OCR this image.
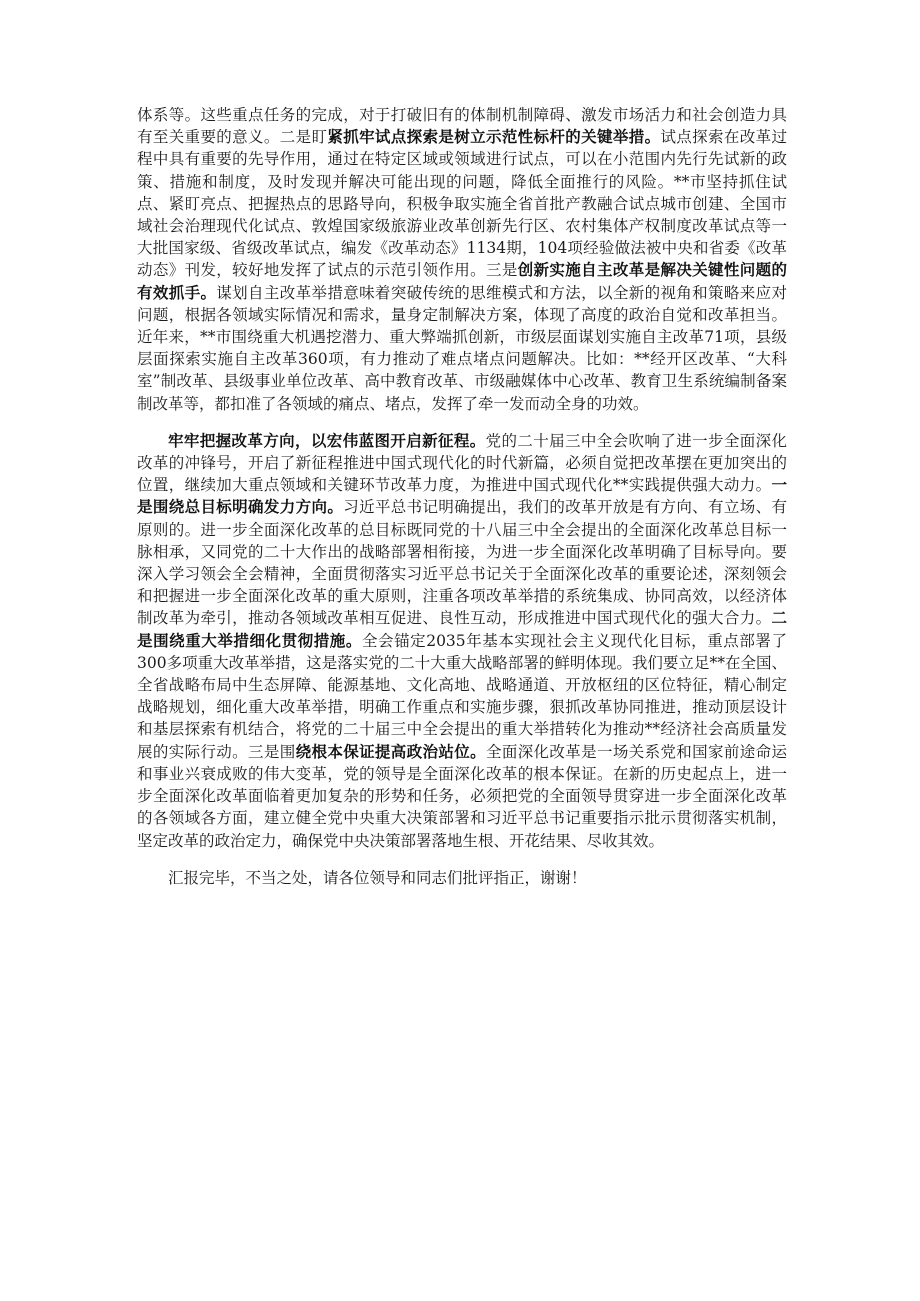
体系等。这些重点任务的完成，对于打破旧有的体制机制障碍、激发市场活力和社会创造力具有至关重要的意义。二是盯紧抓牢试点探索是树立示范性标杆的关键举措。试点探索在改革过程中具有重要的先导作用，通过在特定区域或领域进行试点，可以在小范围内先行先试新的政策、措施和制度，及时发现并解决可能出现的问题，降低全面推行的风险。**市坚持抓住试点、紧盯亮点、把握热点的思路导向，积极争取实施全省首批产教融合试点城市创建、全国市域社会治理现代化试点、敦煌国家级旅游业改革创新先行区、农村集体产权制度改革试点等一大批国家级、省级改革试点，编发《改革动态》1134期，104项经验做法被中央和省委《改革动态》刊发，较好地发挥了试点的示范引领作用。三是创新实施自主改革是解决关键性问题的有效抓手。谋划自主改革举措意味着突破传统的思维模式和方法，以全新的视角和策略来应对问题，根据各领域实际情况和需求，量身定制解决方案，体现了高度的政治自觉和改革担当。近年来，**市围绕重大机遇挖潜力、重大弊端抓创新，市级层面谋划实施自主改革71项，县级层面探索实施自主改革360项，有力推动了难点堵点问题解决。比如：**经开区改革、“大科室”制改革、县级事业单位改革、高中教育改革、市级融媒体中心改革、教育卫生系统编制备案制改革等，都扣准了各领域的痛点、堵点，发挥了牵一发而动全身的功效。

牢牢把握改革方向，以宏伟蓝图开启新征程。党的二十届三中全会吹响了进一步全面深化改革的冲锋号，开启了新征程推进中国式现代化的时代新篇，必须自觉把改革摆在更加突出的位置，继续加大重点领域和关键环节改革力度，为推进中国式现代化**实践提供强大动力。一是围绕总目标明确发力方向。习近平总书记明确提出，我们的改革开放是有方向、有立场、有原则的。进一步全面深化改革的总目标既同党的十八届三中全会提出的全面深化改革总目标一脉相承，又同党的二十大作出的战略部署相衔接，为进一步全面深化改革明确了目标导向。要深入学习领会全会精神，全面贯彻落实习近平总书记关于全面深化改革的重要论述，深刻领会和把握进一步全面深化改革的重大原则，注重各项改革举措的系统集成、协同高效，以经济体制改革为牵引，推动各领域改革相互促进、良性互动，形成推进中国式现代化的强大合力。二是围绕重大举措细化贯彻措施。全会锚定2035年基本实现社会主义现代化目标，重点部署了300多项重大改革举措，这是落实党的二十大重大战略部署的鲜明体现。我们要立足**在全国、全省战略布局中生态屏障、能源基地、文化高地、战略通道、开放枢纽的区位特征，精心制定战略规划，细化重大改革举措，明确工作重点和实施步骤，狠抓改革协同推进，推动顶层设计和基层探索有机结合，将党的二十届三中全会提出的重大举措转化为推动**经济社会高质量发展的实际行动。三是围绕根本保证提高政治站位。全面深化改革是一场关系党和国家前途命运和事业兴衰成败的伟大变革，党的领导是全面深化改革的根本保证。在新的历史起点上，进一步全面深化改革面临着更加复杂的形势和任务，必须把党的全面领导贯穿进一步全面深化改革的各领域各方面，建立健全党中央重大决策部署和习近平总书记重要指示批示贯彻落实机制，坚定改革的政治定力，确保党中央决策部署落地生根、开花结果、尽收其效。

汇报完毕，不当之处，请各位领导和同志们批评指正，谢谢！
